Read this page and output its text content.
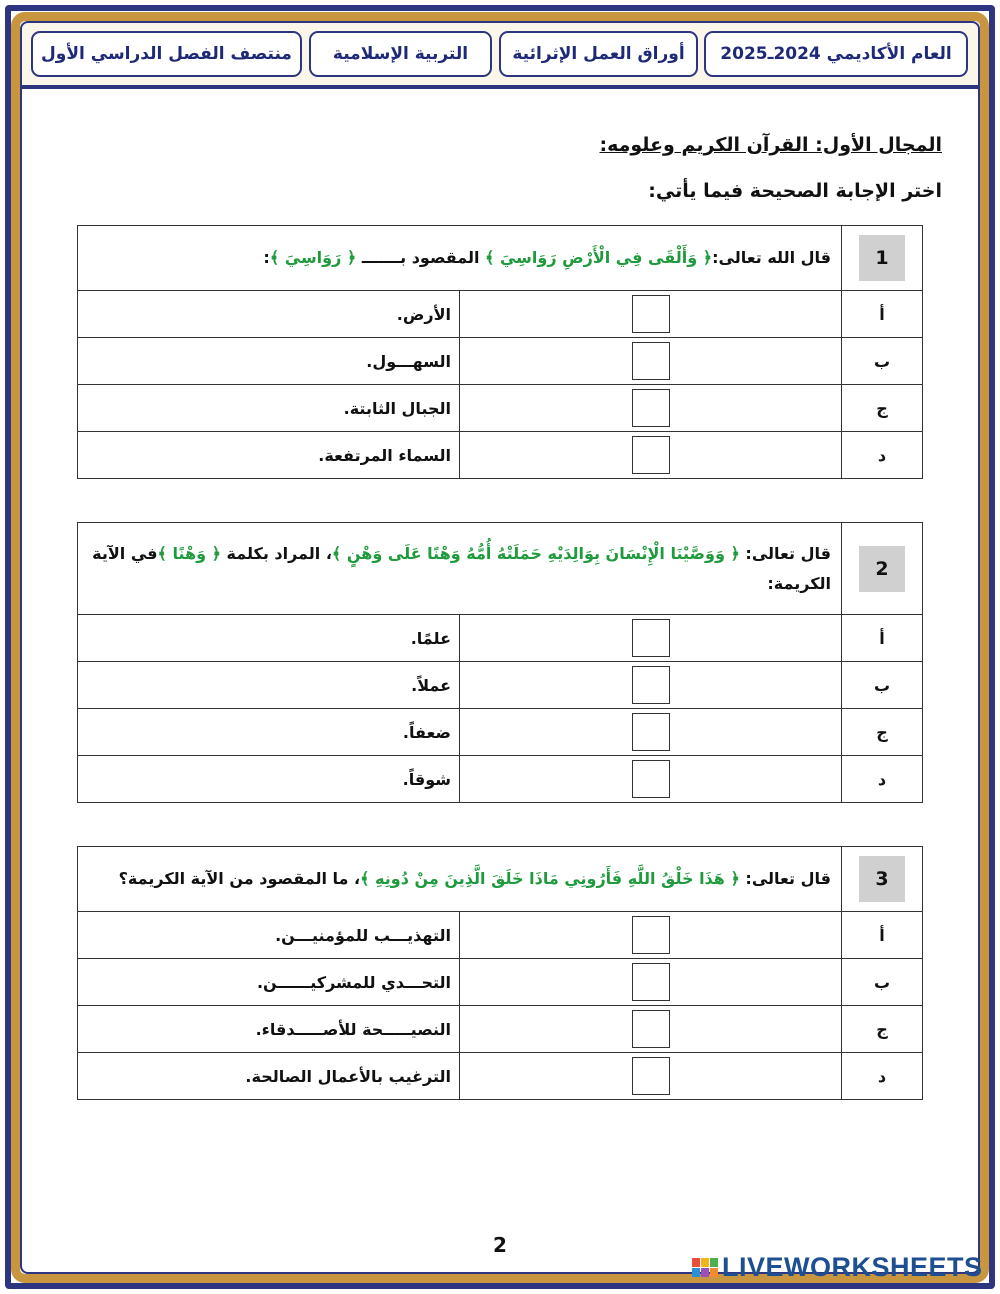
العام الأكاديمي 2024ـ2025
أوراق العمل الإثرائية
التربية الإسلامية
منتصف الفصل الدراسي الأول
المجال الأول: القرآن الكريم وعلومه:
اختر الإجابة الصحيحة فيما يأتي:
1	قال الله تعالى:﴿ وَأَلْقَى فِي الْأَرْضِ رَوَاسِيَ ﴾ المقصود بـــــــ ﴿ رَوَاسِيَ ﴾:	
أ		الأرض.
ب		السهـــول.
ج		الجبال الثابتة.
د		السماء المرتفعة.
2	قال تعالى: ﴿ وَوَصَّيْنَا الْإِنْسَانَ بِوَالِدَيْهِ حَمَلَتْهُ أُمُّهُ وَهْنًا عَلَى وَهْنٍ ﴾، المراد بكلمة ﴿ وَهْنًا ﴾في الآية الكريمة:	
أ		علمًا.
ب		عملاً.
ج		ضعفاً.
د		شوقاً.
3	قال تعالى: ﴿ هَذَا خَلْقُ اللَّهِ فَأَرُونِي مَاذَا خَلَقَ الَّذِينَ مِنْ دُونِهِ ﴾، ما المقصود من الآية الكريمة؟	
أ		التهذيـــب للمؤمنيـــن.
ب		التحـــدي للمشركيــــــن.
ج		النصيـــــحة للأصـــــدقاء.
د		الترغيب بالأعمال الصالحة.
2
LIVEWORKSHEETS
